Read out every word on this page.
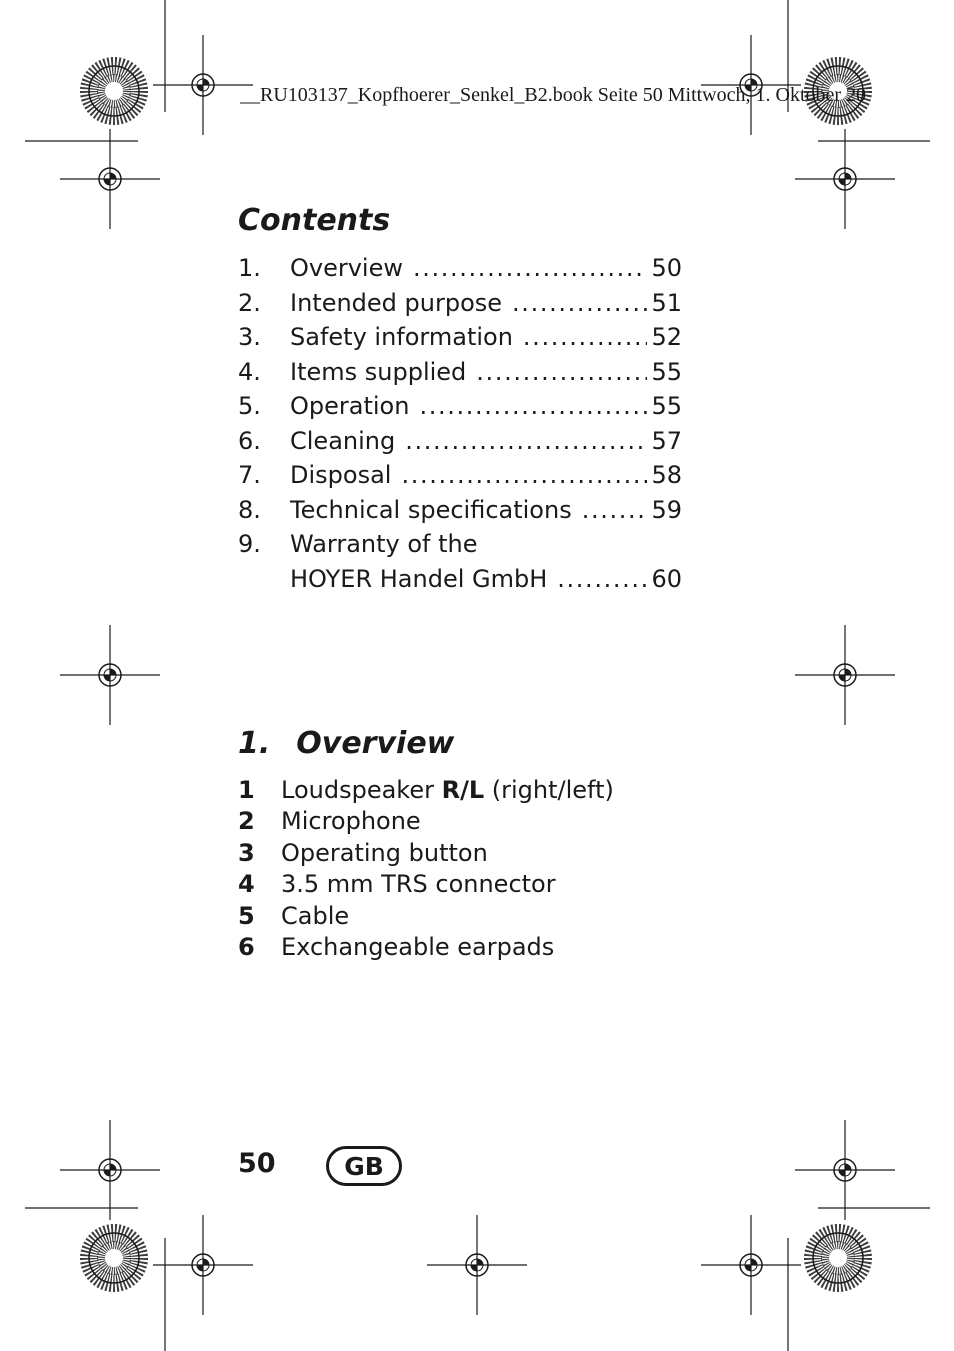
__RU103137_Kopfhoerer_Senkel_B2.book Seite 50 Mittwoch, 1. Oktober 20
Contents
1.	Overview . . .	50
2.	Intended purpose . . .	51
3.	Safety information . . .	52
4.	Items supplied . . .	55
5.	Operation . . .	55
6.	Cleaning . . .	57
7.	Disposal . . .	58
8.	Technical specifications . . .	59
9.	Warranty of the
HOYER Handel GmbH . . .	60
1. Overview
1	Loudspeaker R/L (right/left)
2	Microphone
3	Operating button
4	3.5 mm TRS connector
5	Cable
6	Exchangeable earpads
50	GB
